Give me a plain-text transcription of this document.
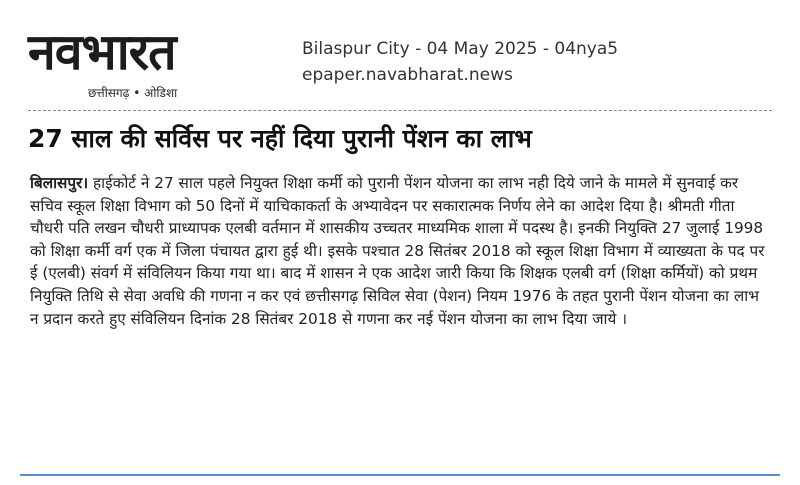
नवभारत
छत्तीसगढ़ • ओडिशा
Bilaspur City - 04 May 2025 - 04nya5
epaper.navabharat.news
27 साल की सर्विस पर नहीं दिया पुरानी पेंशन का लाभ
बिलासपुर। हाईकोर्ट ने 27 साल पहले नियुक्त शिक्षा कर्मी को पुरानी पेंशन योजना का लाभ नही दिये जाने के मामले में सुनवाई कर सचिव स्कूल शिक्षा विभाग को 50 दिनों में याचिकाकर्ता के अभ्यावेदन पर सकारात्मक निर्णय लेने का आदेश दिया है। श्रीमती गीता चौधरी पति लखन चौधरी प्राध्यापक एलबी वर्तमान में शासकीय उच्चतर माध्यमिक शाला में पदस्थ है। इनकी नियुक्ति 27 जुलाई 1998 को शिक्षा कर्मी वर्ग एक में जिला पंचायत द्वारा हुई थी। इसके पश्चात 28 सितंबर 2018 को स्कूल शिक्षा विभाग में व्याख्यता के पद पर ई (एलबी) संवर्ग में संविलियन किया गया था। बाद में शासन ने एक आदेश जारी किया कि शिक्षक एलबी वर्ग (शिक्षा कर्मियों) को प्रथम नियुक्ति तिथि से सेवा अवधि की गणना न कर एवं छत्तीसगढ़ सिविल सेवा (पेशन) नियम 1976 के तहत पुरानी पेंशन योजना का लाभ न प्रदान करते हुए संविलियन दिनांक 28 सितंबर 2018 से गणना कर नई पेंशन योजना का लाभ दिया जाये ।
